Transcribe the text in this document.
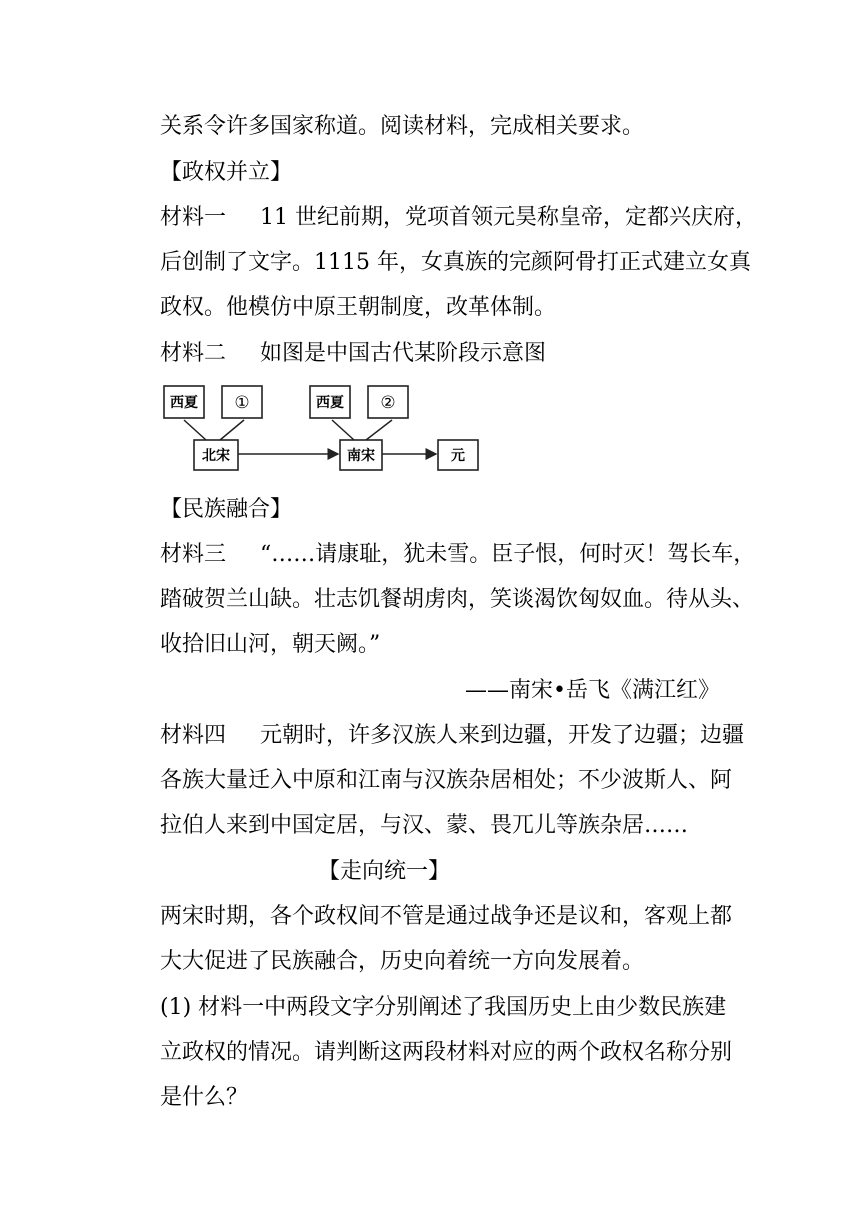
关系令许多国家称道。阅读材料，完成相关要求。
【政权并立】
材料一 11 世纪前期，党项首领元昊称皇帝，定都兴庆府，
后创制了文字。1115 年，女真族的完颜阿骨打正式建立女真
政权。他模仿中原王朝制度，改革体制。
材料二 如图是中国古代某阶段示意图
西夏 ①	西夏 ②
北宋	南宋	元
【民族融合】
材料三 “……请康耻，犹未雪。臣子恨，何时灭！驾长车，
踏破贺兰山缺。壮志饥餐胡虏肉，笑谈渴饮匈奴血。待从头、
收拾旧山河，朝天阙。”
——南宋•岳飞《满江红》
材料四 元朝时，许多汉族人来到边疆，开发了边疆；边疆
各族大量迁入中原和江南与汉族杂居相处；不少波斯人、阿
拉伯人来到中国定居，与汉、蒙、畏兀儿等族杂居……
【走向统一】
两宋时期，各个政权间不管是通过战争还是议和，客观上都
大大促进了民族融合，历史向着统一方向发展着。
(1) 材料一中两段文字分别阐述了我国历史上由少数民族建
立政权的情况。请判断这两段材料对应的两个政权名称分别
是什么？
